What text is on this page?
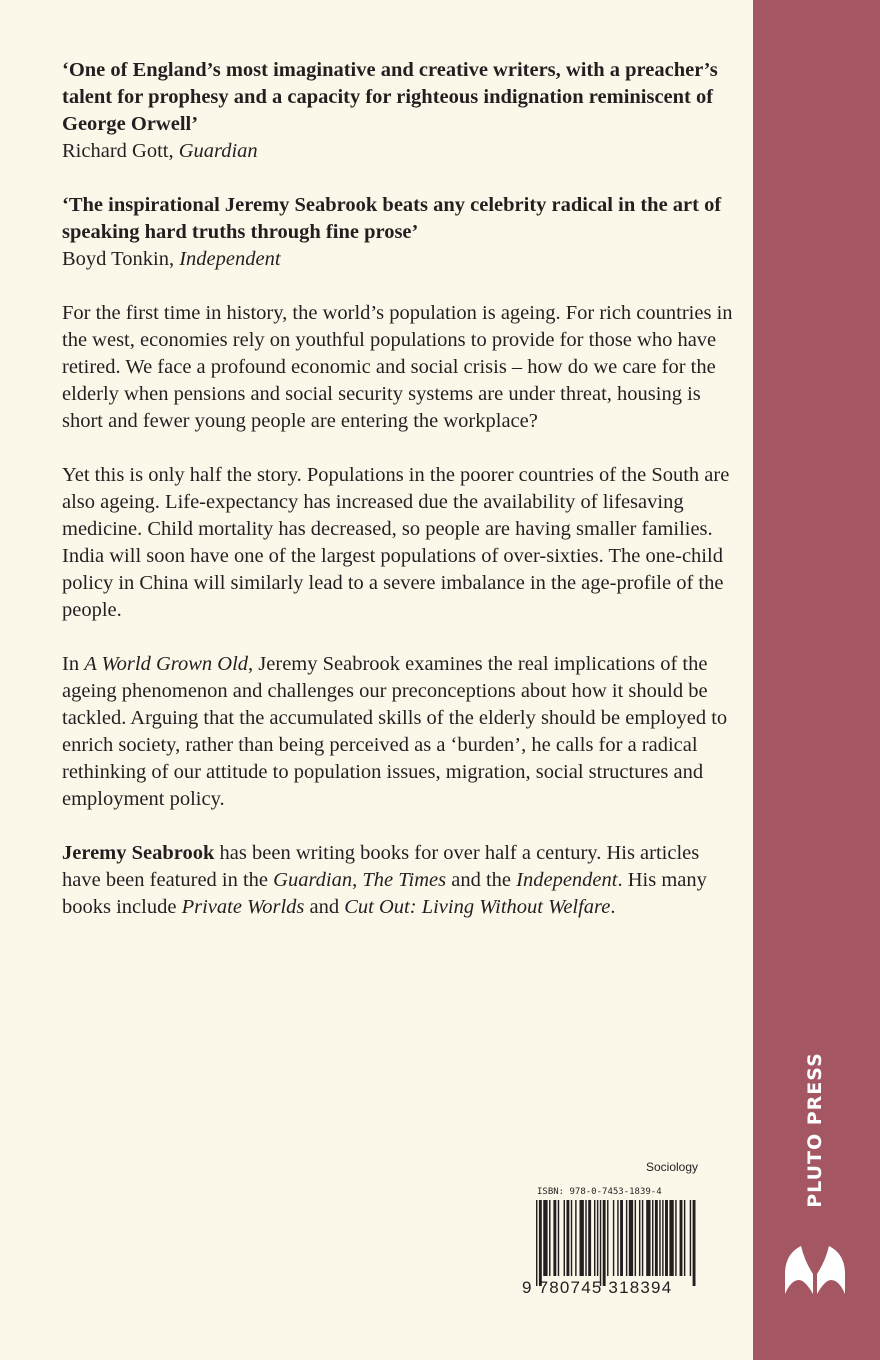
‘One of England’s most imaginative and creative writers, with a preacher’s talent for prophesy and a capacity for righteous indignation reminiscent of George Orwell’
Richard Gott, Guardian
‘The inspirational Jeremy Seabrook beats any celebrity radical in the art of speaking hard truths through fine prose’
Boyd Tonkin, Independent

For the first time in history, the world’s population is ageing. For rich countries in the west, economies rely on youthful populations to provide for those who have retired. We face a profound economic and social crisis – how do we care for the elderly when pensions and social security systems are under threat, housing is short and fewer young people are entering the workplace?

Yet this is only half the story. Populations in the poorer countries of the South are also ageing. Life-expectancy has increased due the availability of lifesaving medicine. Child mortality has decreased, so people are having smaller families. India will soon have one of the largest populations of over-sixties. The one-child policy in China will similarly lead to a severe imbalance in the age-profile of the people.

In A World Grown Old, Jeremy Seabrook examines the real implications of the ageing phenomenon and challenges our preconceptions about how it should be tackled. Arguing that the accumulated skills of the elderly should be employed to enrich society, rather than being perceived as a ‘burden’, he calls for a radical rethinking of our attitude to population issues, migration, social structures and employment policy.

Jeremy Seabrook has been writing books for over half a century. His articles have been featured in the Guardian, The Times and the Independent. His many books include Private Worlds and Cut Out: Living Without Welfare.

Sociology
ISBN: 978-0-7453-1839-4
9 780745 318394
PLUTO PRESS
